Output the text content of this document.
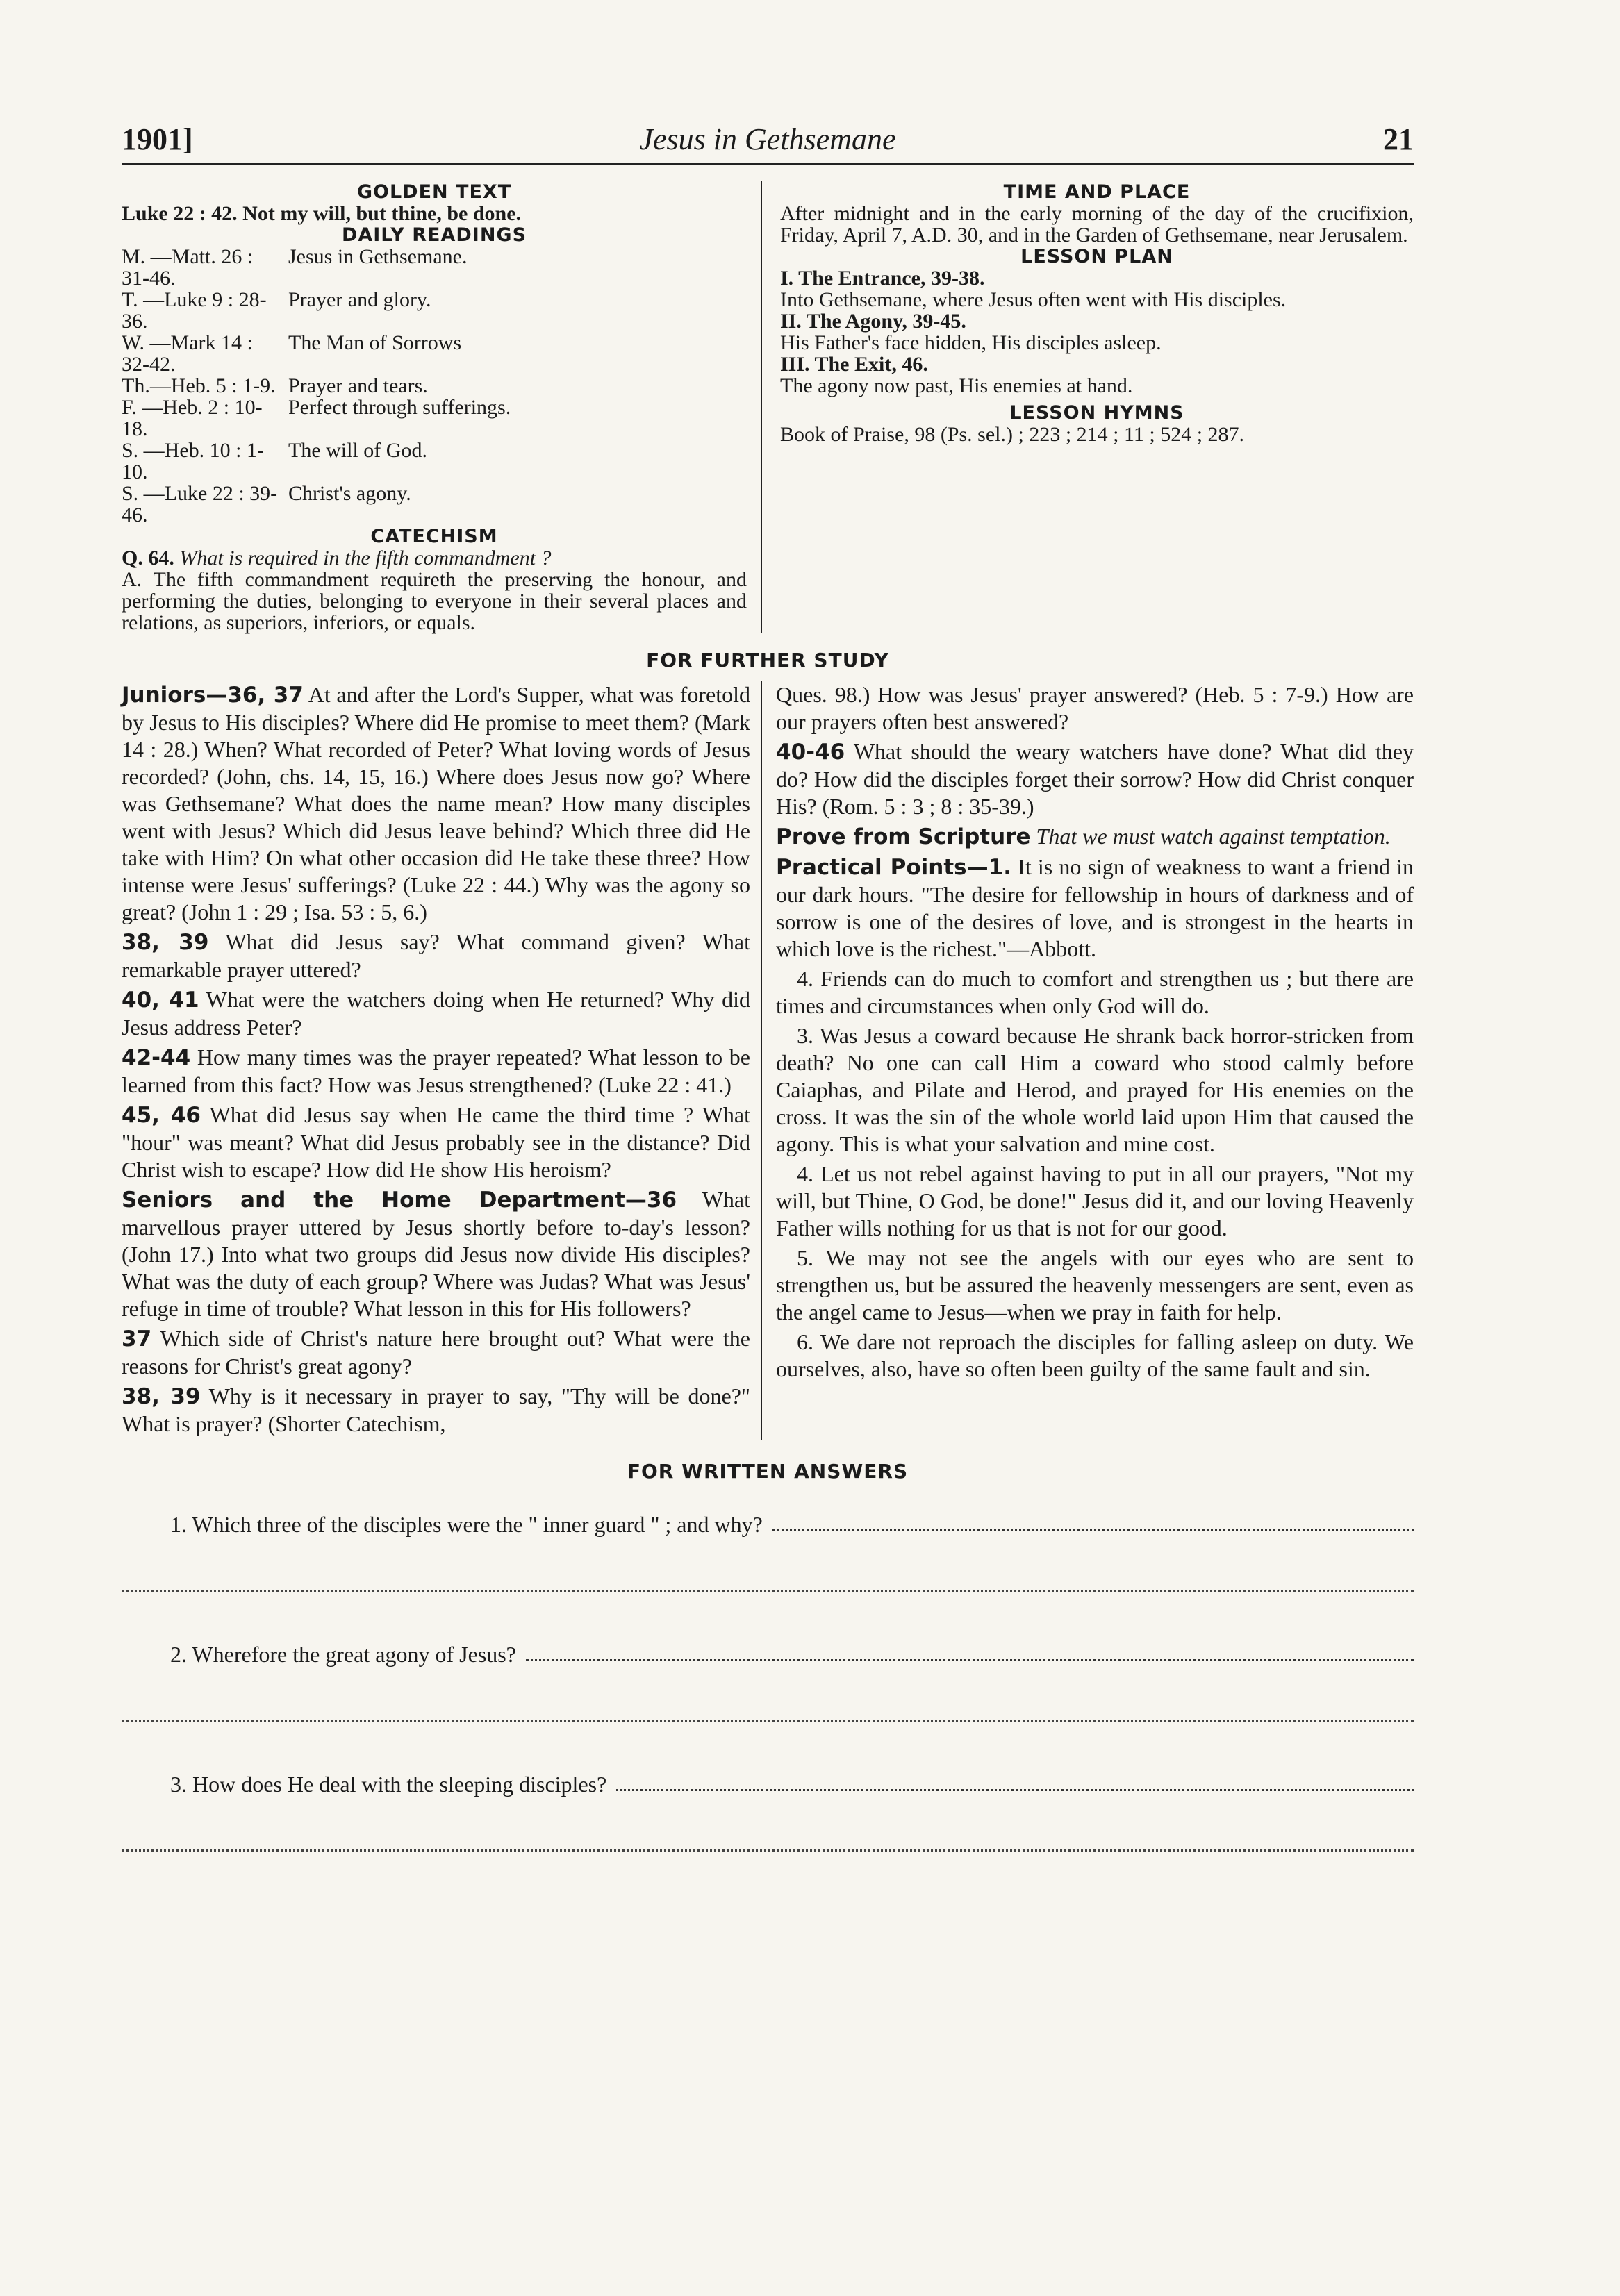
1901]	Jesus in Gethsemane	21
GOLDEN TEXT
Luke 22 : 42. Not my will, but thine, be done.
DAILY READINGS
M. —Matt. 26 : 31-46.
Jesus in Gethsemane.
T. —Luke 9 : 28-36.
Prayer and glory.
W. —Mark 14 : 32-42.
The Man of Sorrows
Th.—Heb. 5 : 1-9. Prayer and tears.
F. —Heb. 2 : 10-18.
Perfect through sufferings.
S. —Heb. 10 : 1-10.
The will of God.
S. —Luke 22 : 39-46.
Christ's agony.
CATECHISM
Q. 64. What is required in the fifth commandment ?
A. The fifth commandment requireth the preserving the honour, and performing the duties, belonging to everyone in their several places and relations, as superiors, inferiors, or equals.
TIME AND PLACE
After midnight and in the early morning of the day of the crucifixion, Friday, April 7, A.D. 30, and in the Garden of Gethsemane, near Jerusalem.
LESSON PLAN
I. The Entrance, 39-38.
Into Gethsemane, where Jesus often went with His disciples.
II. The Agony, 39-45.
His Father's face hidden, His disciples asleep.
III. The Exit, 46.
The agony now past, His enemies at hand.
LESSON HYMNS
Book of Praise, 98 (Ps. sel.) ; 223 ; 214 ; 11 ; 524 ; 287.
FOR FURTHER STUDY

Juniors—36, 37 At and after the Lord's Supper, what was foretold by Jesus to His disciples? Where did He promise to meet them? (Mark 14 : 28.) When? What recorded of Peter? What loving words of Jesus recorded? (John, chs. 14, 15, 16.) Where does Jesus now go? Where was Gethsemane? What does the name mean? How many disciples went with Jesus? Which did Jesus leave behind? Which three did He take with Him? On what other occasion did He take these three? How intense were Jesus' sufferings? (Luke 22 : 44.) Why was the agony so great? (John 1 : 29 ; Isa. 53 : 5, 6.)

38, 39 What did Jesus say? What command given? What remarkable prayer uttered?

40, 41 What were the watchers doing when He returned? Why did Jesus address Peter?

42-44 How many times was the prayer repeated? What lesson to be learned from this fact? How was Jesus strengthened? (Luke 22 : 41.)

45, 46 What did Jesus say when He came the third time ? What "hour" was meant? What did Jesus probably see in the distance? Did Christ wish to escape? How did He show His heroism?

Seniors and the Home Department—36 What marvellous prayer uttered by Jesus shortly before to-day's lesson? (John 17.) Into what two groups did Jesus now divide His disciples? What was the duty of each group? Where was Judas? What was Jesus' refuge in time of trouble? What lesson in this for His followers?

37 Which side of Christ's nature here brought out? What were the reasons for Christ's great agony?

38, 39 Why is it necessary in prayer to say, "Thy will be done?" What is prayer? (Shorter Catechism,

Ques. 98.) How was Jesus' prayer answered? (Heb. 5 : 7-9.) How are our prayers often best answered?

40-46 What should the weary watchers have done? What did they do? How did the disciples forget their sorrow? How did Christ conquer His? (Rom. 5 : 3 ; 8 : 35-39.)

Prove from Scripture That we must watch against temptation.

Practical Points—1. It is no sign of weakness to want a friend in our dark hours. "The desire for fellowship in hours of darkness and of sorrow is one of the desires of love, and is strongest in the hearts in which love is the richest."—Abbott.

4. Friends can do much to comfort and strengthen us ; but there are times and circumstances when only God will do.

3. Was Jesus a coward because He shrank back horror-stricken from death? No one can call Him a coward who stood calmly before Caiaphas, and Pilate and Herod, and prayed for His enemies on the cross. It was the sin of the whole world laid upon Him that caused the agony. This is what your salvation and mine cost.

4. Let us not rebel against having to put in all our prayers, "Not my will, but Thine, O God, be done!" Jesus did it, and our loving Heavenly Father wills nothing for us that is not for our good.

5. We may not see the angels with our eyes who are sent to strengthen us, but be assured the heavenly messengers are sent, even as the angel came to Jesus—when we pray in faith for help.

6. We dare not reproach the disciples for falling asleep on duty. We ourselves, also, have so often been guilty of the same fault and sin.

FOR WRITTEN ANSWERS
1. Which three of the disciples were the " inner guard " ; and why?
2. Wherefore the great agony of Jesus?
3. How does He deal with the sleeping disciples?
